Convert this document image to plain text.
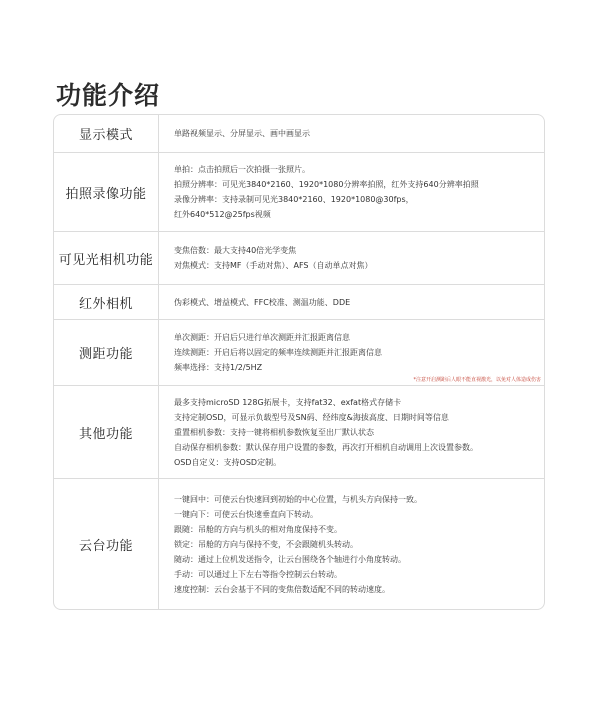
功能介绍
显示模式	单路视频显示、分屏显示、画中画显示
拍照录像功能
单拍：点击拍照后一次拍摄一张照片。
拍照分辨率：可见光3840*2160、1920*1080分辨率拍照，红外支持640分辨率拍照
录像分辨率：支持录制可见光3840*2160、1920*1080@30fps，
红外640*512@25fps视频
可见光相机功能
变焦倍数：最大支持40倍光学变焦
对焦模式：支持MF（手动对焦）、AFS（自动单点对焦）
红外相机	伪彩模式、增益模式、FFC校准、测温功能、DDE
测距功能
单次测距：开启后只进行单次测距并汇报距离信息
连续测距：开启后将以固定的频率连续测距并汇报距离信息
频率选择：支持1/2/5HZ
*注意开启测距后人眼不能直视激光，以免对人体造成伤害
其他功能
最多支持microSD 128G拓展卡，支持fat32、exfat格式存储卡
支持定制OSD，可显示负载型号及SN码、经纬度&海拔高度、日期时间等信息
重置相机参数：支持一键将相机参数恢复至出厂默认状态
自动保存相机参数：默认保存用户设置的参数，再次打开相机自动调用上次设置参数。
OSD自定义：支持OSD定制。
云台功能
一键回中：可使云台快速回到初始的中心位置，与机头方向保持一致。
一键向下：可使云台快速垂直向下转动。
跟随：吊舱的方向与机头的相对角度保持不变。
锁定：吊舱的方向与保持不变，不会跟随机头转动。
随动：通过上位机发送指令，让云台围绕各个轴进行小角度转动。
手动：可以通过上下左右等指令控制云台转动。
速度控制：云台会基于不同的变焦倍数适配不同的转动速度。
